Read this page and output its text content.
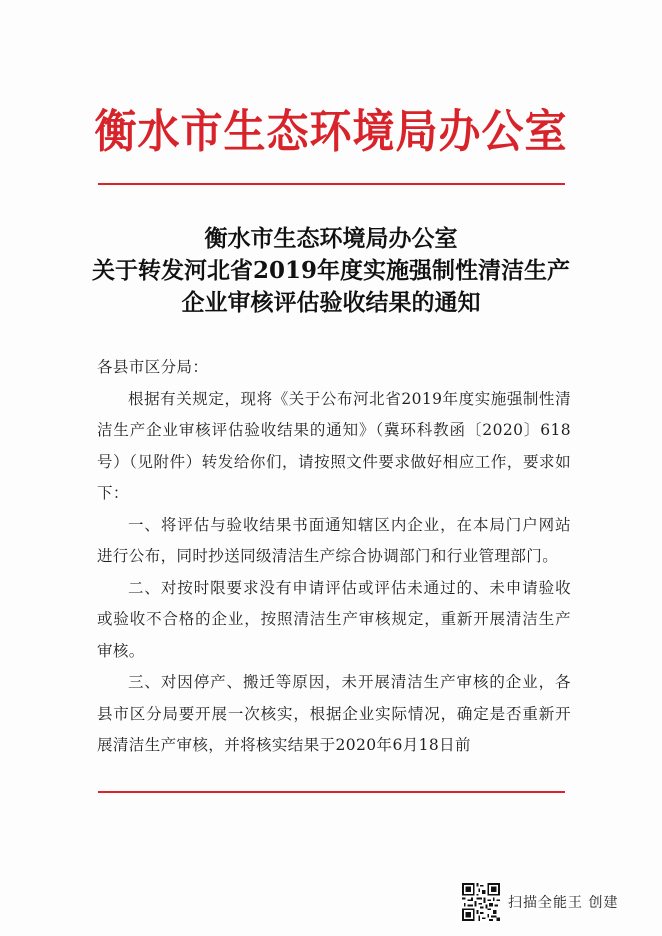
衡水市生态环境局办公室
衡水市生态环境局办公室
关于转发河北省2019年度实施强制性清洁生产
企业审核评估验收结果的通知

各县市区分局：

根据有关规定，现将《关于公布河北省2019年度实施强制性清洁生产企业审核评估验收结果的通知》（冀环科教函〔2020〕618号）（见附件）转发给你们，请按照文件要求做好相应工作，要求如下：

一、将评估与验收结果书面通知辖区内企业，在本局门户网站进行公布，同时抄送同级清洁生产综合协调部门和行业管理部门。

二、对按时限要求没有申请评估或评估未通过的、未申请验收或验收不合格的企业，按照清洁生产审核规定，重新开展清洁生产审核。

三、对因停产、搬迁等原因，未开展清洁生产审核的企业，各县市区分局要开展一次核实，根据企业实际情况，确定是否重新开展清洁生产审核，并将核实结果于2020年6月18日前

扫描全能王 创建
